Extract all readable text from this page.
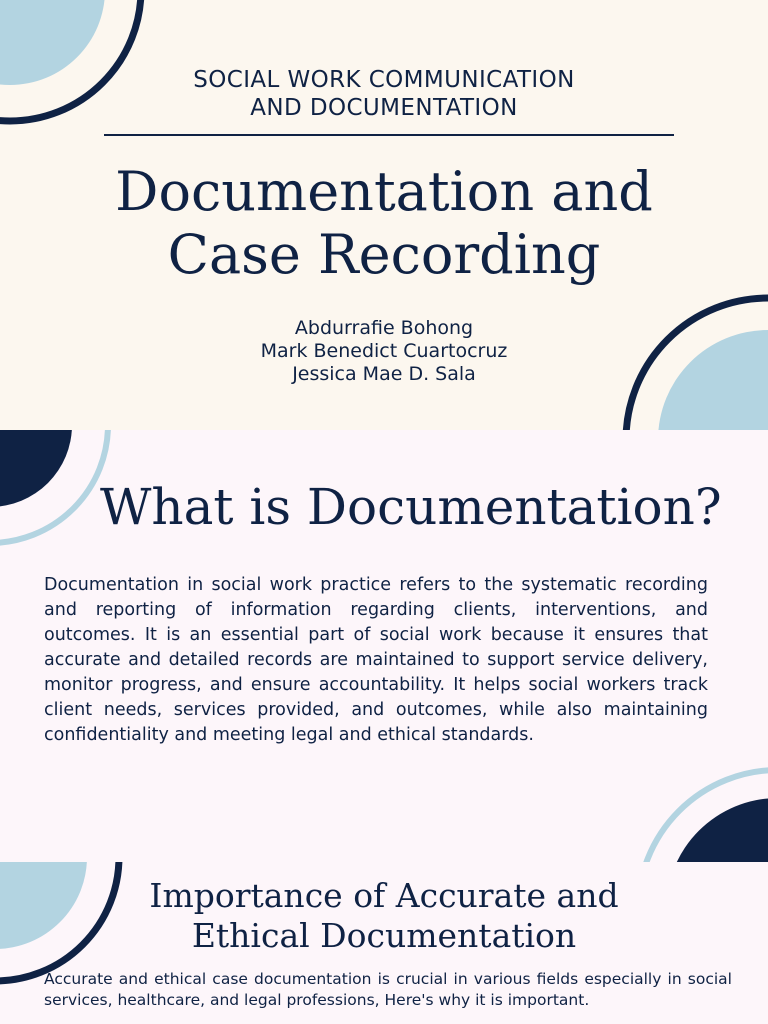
SOCIAL WORK COMMUNICATION
AND DOCUMENTATION
Documentation and
Case Recording
Abdurrafie Bohong
Mark Benedict Cuartocruz
Jessica Mae D. Sala
What is Documentation?
Documentation in social work practice refers to the systematic recording and reporting of information regarding clients, interventions, and outcomes. It is an essential part of social work because it ensures that accurate and detailed records are maintained to support service delivery, monitor progress, and ensure accountability. It helps social workers track client needs, services provided, and outcomes, while also maintaining confidentiality and meeting legal and ethical standards.
Importance of Accurate and
Ethical Documentation
Accurate and ethical case documentation is crucial in various fields especially in social services, healthcare, and legal professions, Here's why it is important.
